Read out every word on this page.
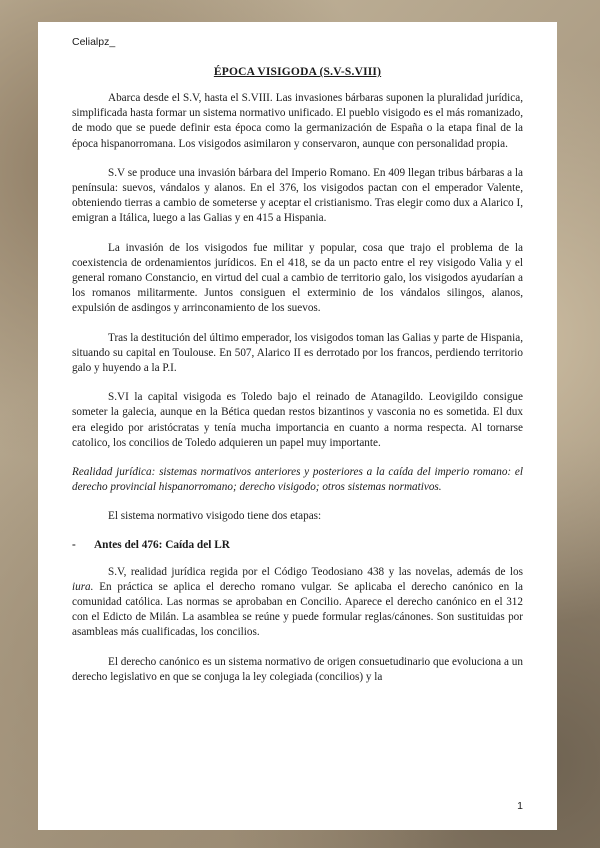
Celialpz_
ÉPOCA VISIGODA (S.V-S.VIII)

Abarca desde el S.V, hasta el S.VIII. Las invasiones bárbaras suponen la pluralidad jurídica, simplificada hasta formar un sistema normativo unificado. El pueblo visigodo es el más romanizado, de modo que se puede definir esta época como la germanización de España o la etapa final de la época hispanorromana. Los visigodos asimilaron y conservaron, aunque con personalidad propia.

S.V se produce una invasión bárbara del Imperio Romano. En 409 llegan tribus bárbaras a la península: suevos, vándalos y alanos. En el 376, los visigodos pactan con el emperador Valente, obteniendo tierras a cambio de someterse y aceptar el cristianismo. Tras elegir como dux a Alarico I, emigran a Itálica, luego a las Galias y en 415 a Hispania.

La invasión de los visigodos fue militar y popular, cosa que trajo el problema de la coexistencia de ordenamientos jurídicos. En el 418, se da un pacto entre el rey visigodo Valia y el general romano Constancio, en virtud del cual a cambio de territorio galo, los visigodos ayudarían a los romanos militarmente. Juntos consiguen el exterminio de los vándalos silingos, alanos, expulsión de asdingos y arrinconamiento de los suevos.

Tras la destitución del último emperador, los visigodos toman las Galias y parte de Hispania, situando su capital en Toulouse. En 507, Alarico II es derrotado por los francos, perdiendo territorio galo y huyendo a la P.I.

S.VI la capital visigoda es Toledo bajo el reinado de Atanagildo. Leovigildo consigue someter la galecia, aunque en la Bética quedan restos bizantinos y vasconia no es sometida. El dux era elegido por aristócratas y tenía mucha importancia en cuanto a norma respecta. Al tornarse catolico, los concilios de Toledo adquieren un papel muy importante.

Realidad jurídica: sistemas normativos anteriores y posteriores a la caída del imperio romano: el derecho provincial hispanorromano; derecho visigodo; otros sistemas normativos.

El sistema normativo visigodo tiene dos etapas:

-	Antes del 476: Caída del LR

S.V, realidad jurídica regida por el Código Teodosiano 438 y las novelas, además de los iura. En práctica se aplica el derecho romano vulgar. Se aplicaba el derecho canónico en la comunidad católica. Las normas se aprobaban en Concilio. Aparece el derecho canónico en el 312 con el Edicto de Milán. La asamblea se reúne y puede formular reglas/cánones. Son sustituidas por asambleas más cualificadas, los concilios.

El derecho canónico es un sistema normativo de origen consuetudinario que evoluciona a un derecho legislativo en que se conjuga la ley colegiada (concilios) y la

1
